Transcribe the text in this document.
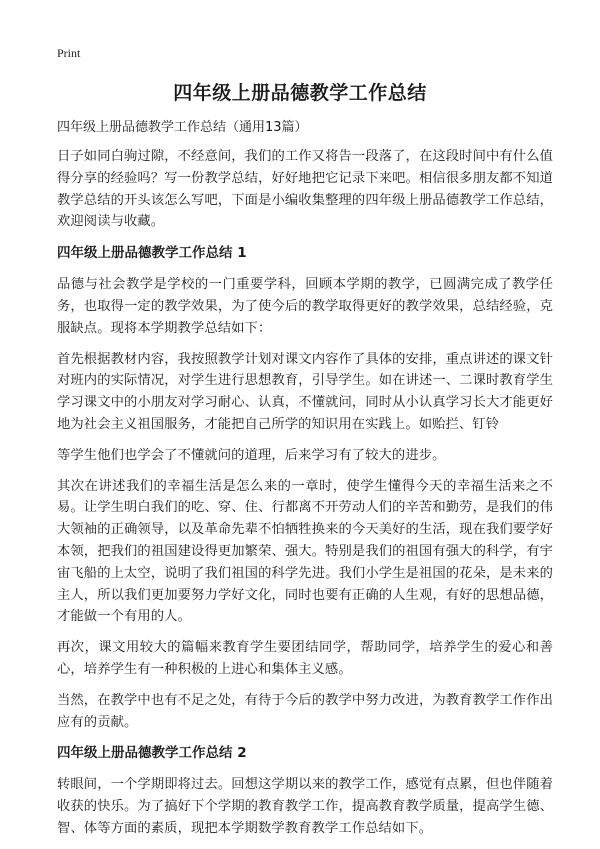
Print
四年级上册品德教学工作总结
四年级上册品德教学工作总结（通用13篇）

日子如同白驹过隙，不经意间，我们的工作又将告一段落了，在这段时间中有什么值得分享的经验吗？写一份教学总结，好好地把它记录下来吧。相信很多朋友都不知道教学总结的开头该怎么写吧，下面是小编收集整理的四年级上册品德教学工作总结，欢迎阅读与收藏。

四年级上册品德教学工作总结 1

品德与社会教学是学校的一门重要学科，回顾本学期的教学，已圆满完成了教学任务，也取得一定的教学效果，为了使今后的教学取得更好的教学效果，总结经验，克服缺点。现将本学期教学总结如下：

首先根据教材内容，我按照教学计划对课文内容作了具体的安排，重点讲述的课文针对班内的实际情况，对学生进行思想教育，引导学生。如在讲述一、二课时教育学生学习课文中的小朋友对学习耐心、认真，不懂就问，同时从小认真学习长大才能更好地为社会主义祖国服务，才能把自己所学的知识用在实践上。如贻拦、钉铃

等学生他们也学会了不懂就问的道理，后来学习有了较大的进步。

其次在讲述我们的幸福生活是怎么来的一章时，使学生懂得今天的幸福生活来之不易。让学生明白我们的吃、穿、住、行都离不开劳动人们的辛苦和勤劳，是我们的伟大领袖的正确领导，以及革命先辈不怕牺牲换来的今天美好的生活，现在我们要学好本领，把我们的祖国建设得更加繁荣、强大。特别是我们的祖国有强大的科学，有宇宙飞船的上太空，说明了我们祖国的科学先进。我们小学生是祖国的花朵，是未来的主人，所以我们更加要努力学好文化，同时也要有正确的人生观，有好的思想品德，才能做一个有用的人。

再次，课文用较大的篇幅来教育学生要团结同学，帮助同学，培养学生的爱心和善心，培养学生有一种积极的上进心和集体主义感。

当然，在教学中也有不足之处，有待于今后的教学中努力改进，为教育教学工作作出应有的贡献。

四年级上册品德教学工作总结 2

转眼间，一个学期即将过去。回想这学期以来的教学工作，感觉有点累，但也伴随着收获的快乐。为了搞好下个学期的教育教学工作，提高教育教学质量，提高学生德、智、体等方面的素质，现把本学期数学教育教学工作总结如下。
